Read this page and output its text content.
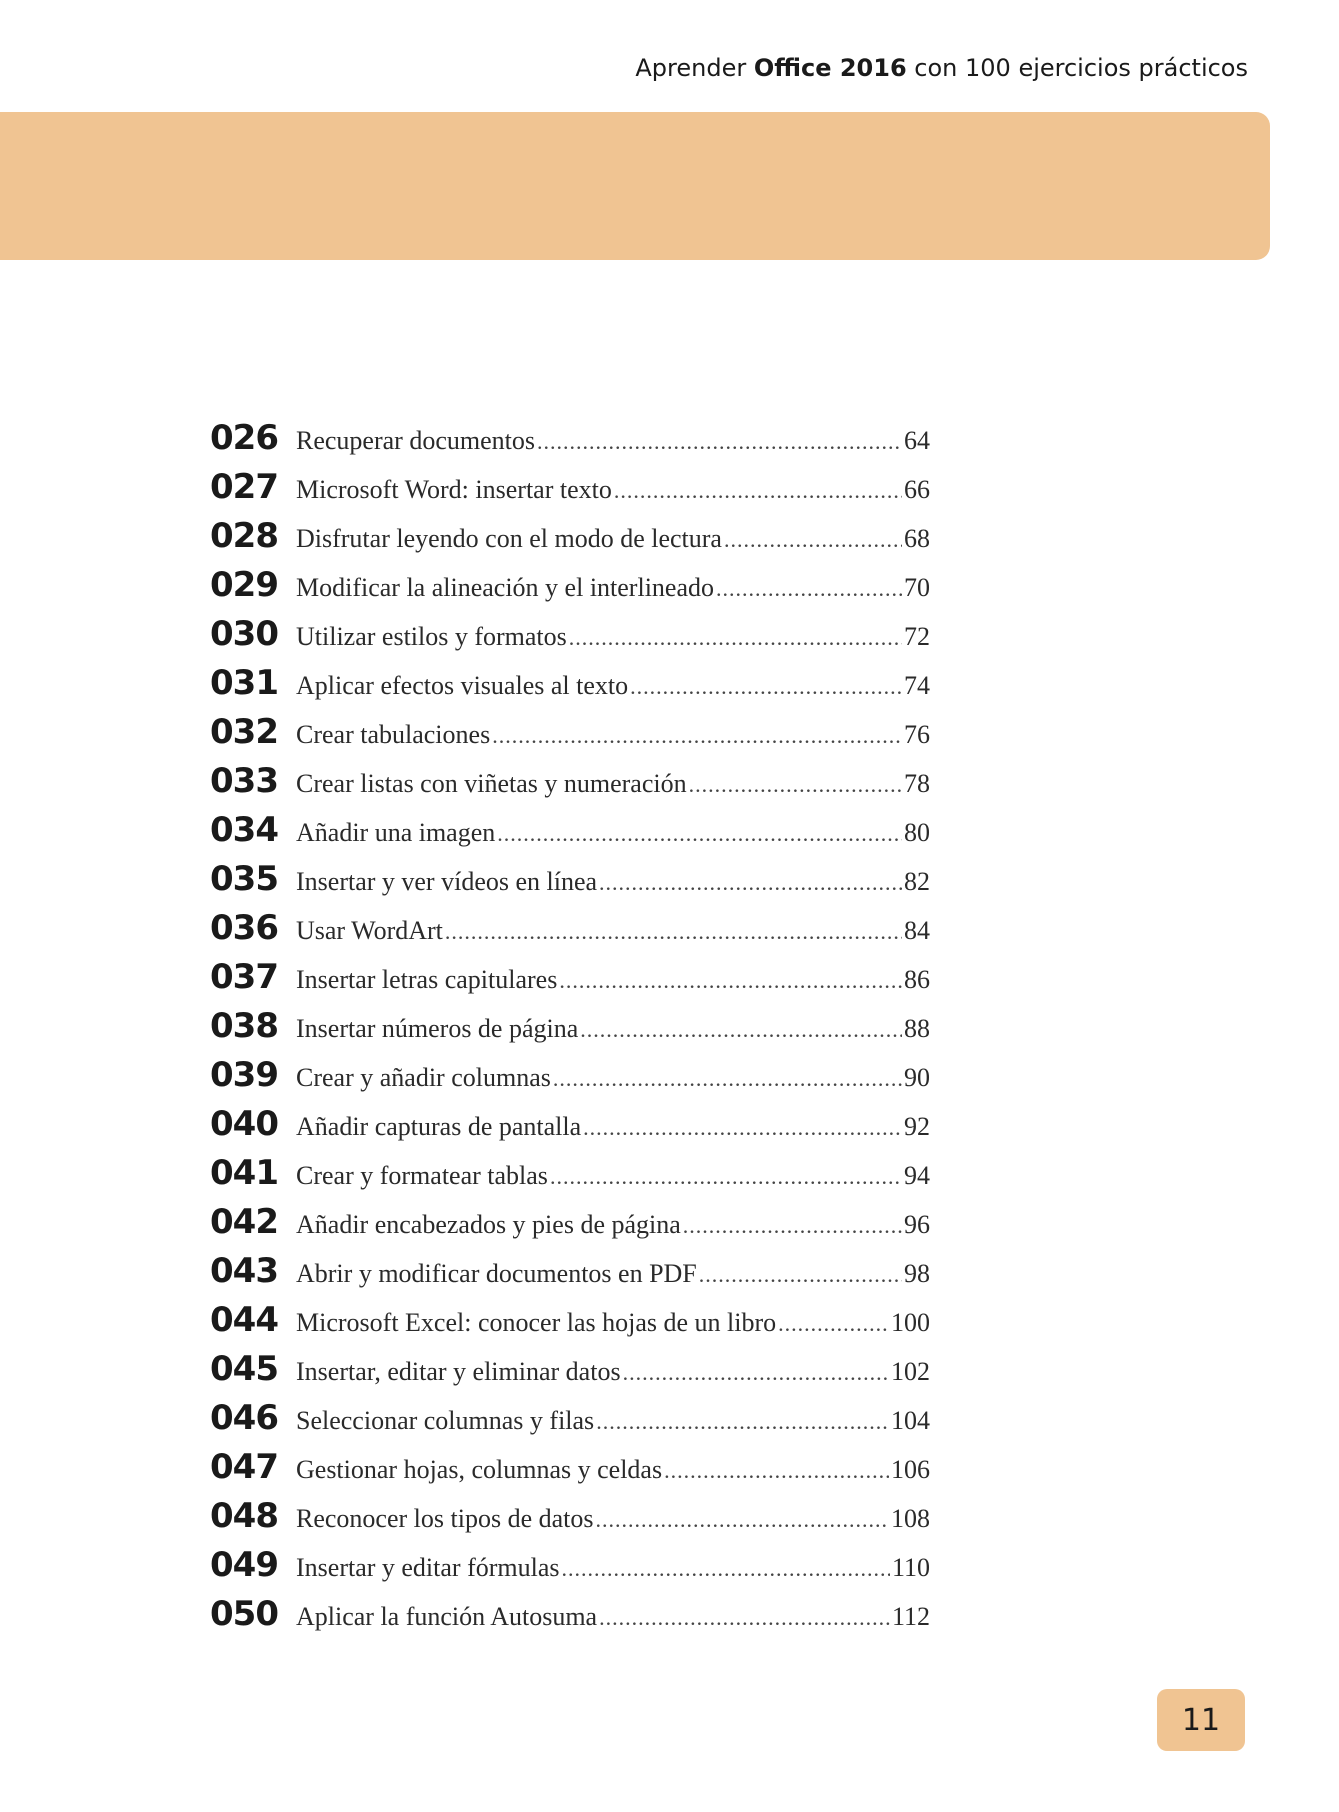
Aprender Office 2016 con 100 ejercicios prácticos
026 Recuperar documentos .....	64
027 Microsoft Word: insertar texto .....	66
028 Disfrutar leyendo con el modo de lectura .....	68
029 Modificar la alineación y el interlineado .....	70
030 Utilizar estilos y formatos .....	72
031 Aplicar efectos visuales al texto .....	74
032 Crear tabulaciones .....	76
033 Crear listas con viñetas y numeración .....	78
034 Añadir una imagen .....	80
035 Insertar y ver vídeos en línea .....	82
036 Usar WordArt .....	84
037 Insertar letras capitulares .....	86
038 Insertar números de página .....	88
039 Crear y añadir columnas .....	90
040 Añadir capturas de pantalla .....	92
041 Crear y formatear tablas .....	94
042 Añadir encabezados y pies de página .....	96
043 Abrir y modificar documentos en PDF .....	98
044 Microsoft Excel: conocer las hojas de un libro .....	100
045 Insertar, editar y eliminar datos .....	102
046 Seleccionar columnas y filas .....	104
047 Gestionar hojas, columnas y celdas .....	106
048 Reconocer los tipos de datos .....	108
049 Insertar y editar fórmulas .....	110
050 Aplicar la función Autosuma .....	112
11
